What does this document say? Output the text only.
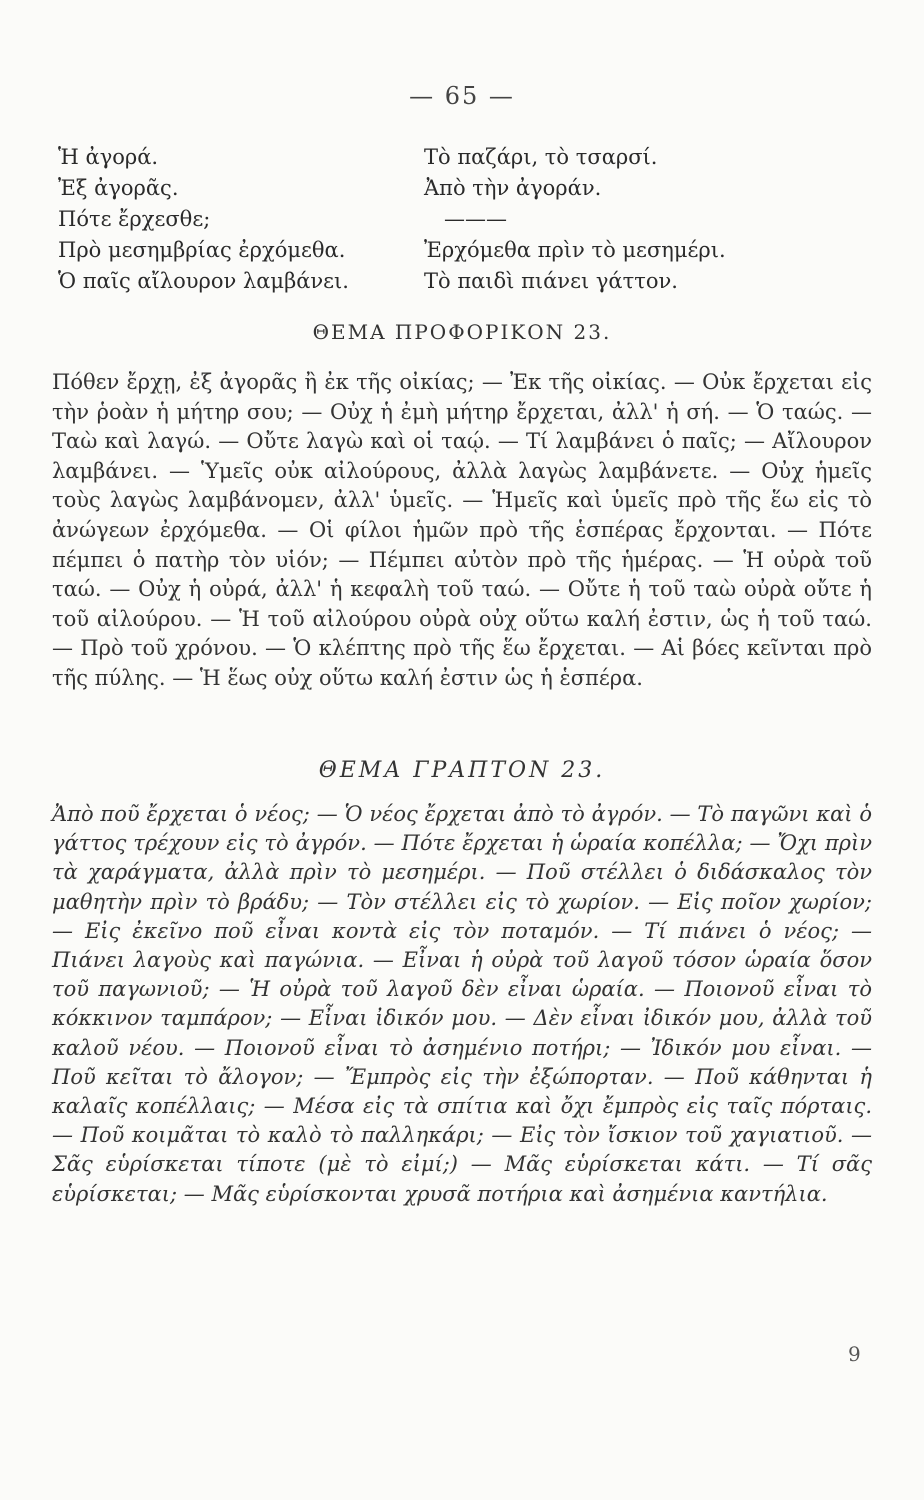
— 65 —
Ἡ ἀγορά.
Ἐξ ἀγορᾶς.
Πότε ἔρχεσθε;
Πρὸ μεσημβρίας ἐρχόμεθα.
Ὁ παῖς αἴλουρον λαμβάνει.
Τὸ παζάρι, τὸ τσαρσί.
Ἀπὸ τὴν ἀγοράν.
———
Ἐρχόμεθα πρὶν τὸ μεσημέρι.
Τὸ παιδὶ πιάνει γάττον.
ΘΕΜΑ ΠΡΟΦΟΡΙΚΟΝ 23.

Πόθεν ἔρχῃ, ἐξ ἀγορᾶς ἢ ἐκ τῆς οἰκίας; — Ἐκ τῆς οἰκίας. — Οὐκ ἔρχεται εἰς τὴν ῥοὰν ἡ μήτηρ σου; — Οὐχ ἡ ἐμὴ μήτηρ ἔρχεται, ἀλλ' ἡ σή. — Ὁ ταώς. — Ταὼ καὶ λαγώ. — Οὔτε λαγὼ καὶ οἱ ταῴ. — Τί λαμβάνει ὁ παῖς; — Αἴλουρον λαμβάνει. — Ὑμεῖς οὐκ αἰλούρους, ἀλλὰ λαγὼς λαμβάνετε. — Οὐχ ἡμεῖς τοὺς λαγὼς λαμβάνομεν, ἀλλ' ὑμεῖς. — Ἡμεῖς καὶ ὑμεῖς πρὸ τῆς ἕω εἰς τὸ ἀνώγεων ἐρχόμεθα. — Οἱ φίλοι ἡμῶν πρὸ τῆς ἑσπέρας ἔρχονται. — Πότε πέμπει ὁ πατὴρ τὸν υἱόν; — Πέμπει αὐτὸν πρὸ τῆς ἡμέρας. — Ἡ οὐρὰ τοῦ ταώ. — Οὐχ ἡ οὐρά, ἀλλ' ἡ κεφαλὴ τοῦ ταώ. — Οὔτε ἡ τοῦ ταὼ οὐρὰ οὔτε ἡ τοῦ αἰλούρου. — Ἡ τοῦ αἰλούρου οὐρὰ οὐχ οὕτω καλή ἐστιν, ὡς ἡ τοῦ ταώ. — Πρὸ τοῦ χρόνου. — Ὁ κλέπτης πρὸ τῆς ἕω ἔρχεται. — Αἱ βόες κεῖνται πρὸ τῆς πύλης. — Ἡ ἕως οὐχ οὕτω καλή ἐστιν ὡς ἡ ἑσπέρα.

ΘΕΜΑ ΓΡΑΠΤΟΝ 23.

Ἀπὸ ποῦ ἔρχεται ὁ νέος; — Ὁ νέος ἔρχεται ἀπὸ τὸ ἀγρόν. — Τὸ παγῶνι καὶ ὁ γάττος τρέχουν εἰς τὸ ἀγρόν. — Πότε ἔρχεται ἡ ὡραία κοπέλλα; — Ὄχι πρὶν τὰ χαράγματα, ἀλλὰ πρὶν τὸ μεσημέρι. — Ποῦ στέλλει ὁ διδάσκαλος τὸν μαθητὴν πρὶν τὸ βράδυ; — Τὸν στέλλει εἰς τὸ χωρίον. — Εἰς ποῖον χωρίον; — Εἰς ἐκεῖνο ποῦ εἶναι κοντὰ εἰς τὸν ποταμόν. — Τί πιάνει ὁ νέος; — Πιάνει λαγοὺς καὶ παγώνια. — Εἶναι ἡ οὐρὰ τοῦ λαγοῦ τόσον ὡραία ὅσον τοῦ παγωνιοῦ; — Ἡ οὐρὰ τοῦ λαγοῦ δὲν εἶναι ὡραία. — Ποιονοῦ εἶναι τὸ κόκκινον ταμπάρον; — Εἶναι ἰδικόν μου. — Δὲν εἶναι ἰδικόν μου, ἀλλὰ τοῦ καλοῦ νέου. — Ποιονοῦ εἶναι τὸ ἀσημένιο ποτήρι; — Ἰδικόν μου εἶναι. — Ποῦ κεῖται τὸ ἄλογον; — Ἔμπρὸς εἰς τὴν ἐξώπορταν. — Ποῦ κάθηνται ἡ καλαῖς κοπέλλαις; — Μέσα εἰς τὰ σπίτια καὶ ὄχι ἔμπρὸς εἰς ταῖς πόρταις. — Ποῦ κοιμᾶται τὸ καλὸ τὸ παλληκάρι; — Εἰς τὸν ἴσκιον τοῦ χαγιατιοῦ. — Σᾶς εὑρίσκεται τίποτε (μὲ τὸ εἰμί;) — Μᾶς εὑρίσκεται κάτι. — Τί σᾶς εὑρίσκεται; — Μᾶς εὑρίσκονται χρυσᾶ ποτήρια καὶ ἀσημένια καντήλια.

9
